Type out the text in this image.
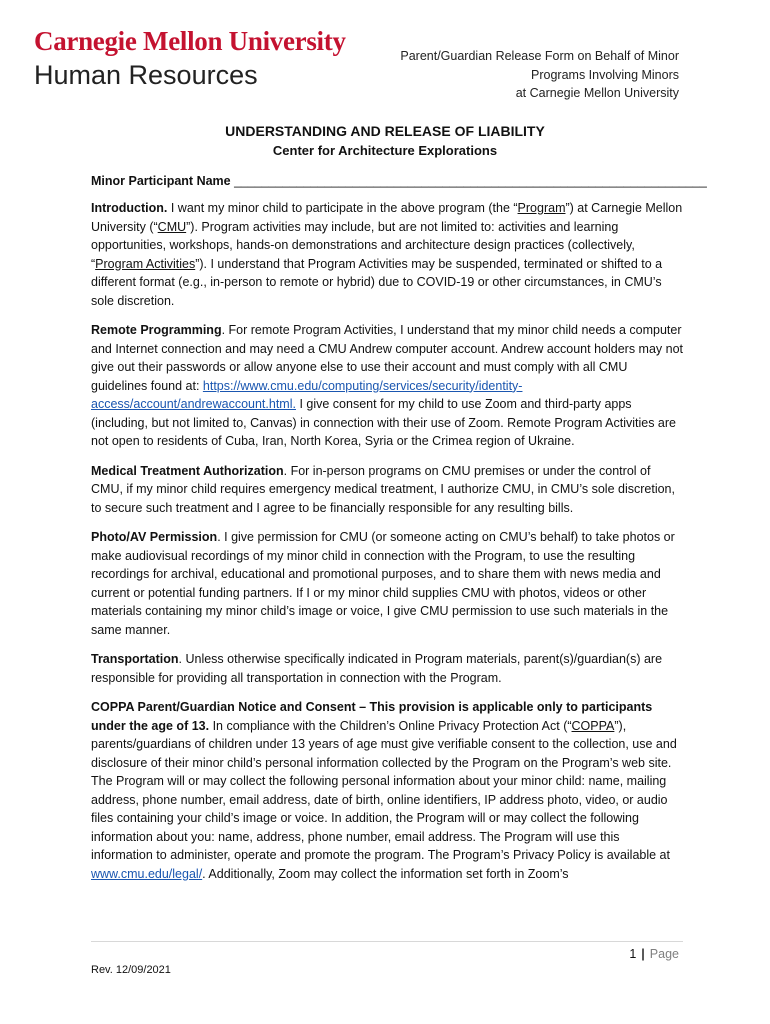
Carnegie Mellon University
Human Resources
Parent/Guardian Release Form on Behalf of Minor
Programs Involving Minors
at Carnegie Mellon University
UNDERSTANDING AND RELEASE OF LIABILITY
Center for Architecture Explorations
Minor Participant Name ____________________________________________________________________

Introduction. I want my minor child to participate in the above program (the “Program”) at Carnegie Mellon University (“CMU”). Program activities may include, but are not limited to: activities and learning opportunities, workshops, hands-on demonstrations and architecture design practices (collectively, “Program Activities”). I understand that Program Activities may be suspended, terminated or shifted to a different format (e.g., in-person to remote or hybrid) due to COVID-19 or other circumstances, in CMU’s sole discretion.

Remote Programming. For remote Program Activities, I understand that my minor child needs a computer and Internet connection and may need a CMU Andrew computer account. Andrew account holders may not give out their passwords or allow anyone else to use their account and must comply with all CMU guidelines found at: https://www.cmu.edu/computing/services/security/identity-access/account/andrewaccount.html. I give consent for my child to use Zoom and third-party apps (including, but not limited to, Canvas) in connection with their use of Zoom. Remote Program Activities are not open to residents of Cuba, Iran, North Korea, Syria or the Crimea region of Ukraine.

Medical Treatment Authorization. For in-person programs on CMU premises or under the control of CMU, if my minor child requires emergency medical treatment, I authorize CMU, in CMU’s sole discretion, to secure such treatment and I agree to be financially responsible for any resulting bills.

Photo/AV Permission. I give permission for CMU (or someone acting on CMU’s behalf) to take photos or make audiovisual recordings of my minor child in connection with the Program, to use the resulting recordings for archival, educational and promotional purposes, and to share them with news media and current or potential funding partners. If I or my minor child supplies CMU with photos, videos or other materials containing my minor child’s image or voice, I give CMU permission to use such materials in the same manner.

Transportation. Unless otherwise specifically indicated in Program materials, parent(s)/guardian(s) are responsible for providing all transportation in connection with the Program.

COPPA Parent/Guardian Notice and Consent – This provision is applicable only to participants under the age of 13. In compliance with the Children’s Online Privacy Protection Act (“COPPA”), parents/guardians of children under 13 years of age must give verifiable consent to the collection, use and disclosure of their minor child’s personal information collected by the Program on the Program’s web site. The Program will or may collect the following personal information about your minor child: name, mailing address, phone number, email address, date of birth, online identifiers, IP address photo, video, or audio files containing your child’s image or voice. In addition, the Program will or may collect the following information about you: name, address, phone number, email address. The Program will use this information to administer, operate and promote the program. The Program’s Privacy Policy is available at www.cmu.edu/legal/. Additionally, Zoom may collect the information set forth in Zoom’s

1 | Page
Rev. 12/09/2021
